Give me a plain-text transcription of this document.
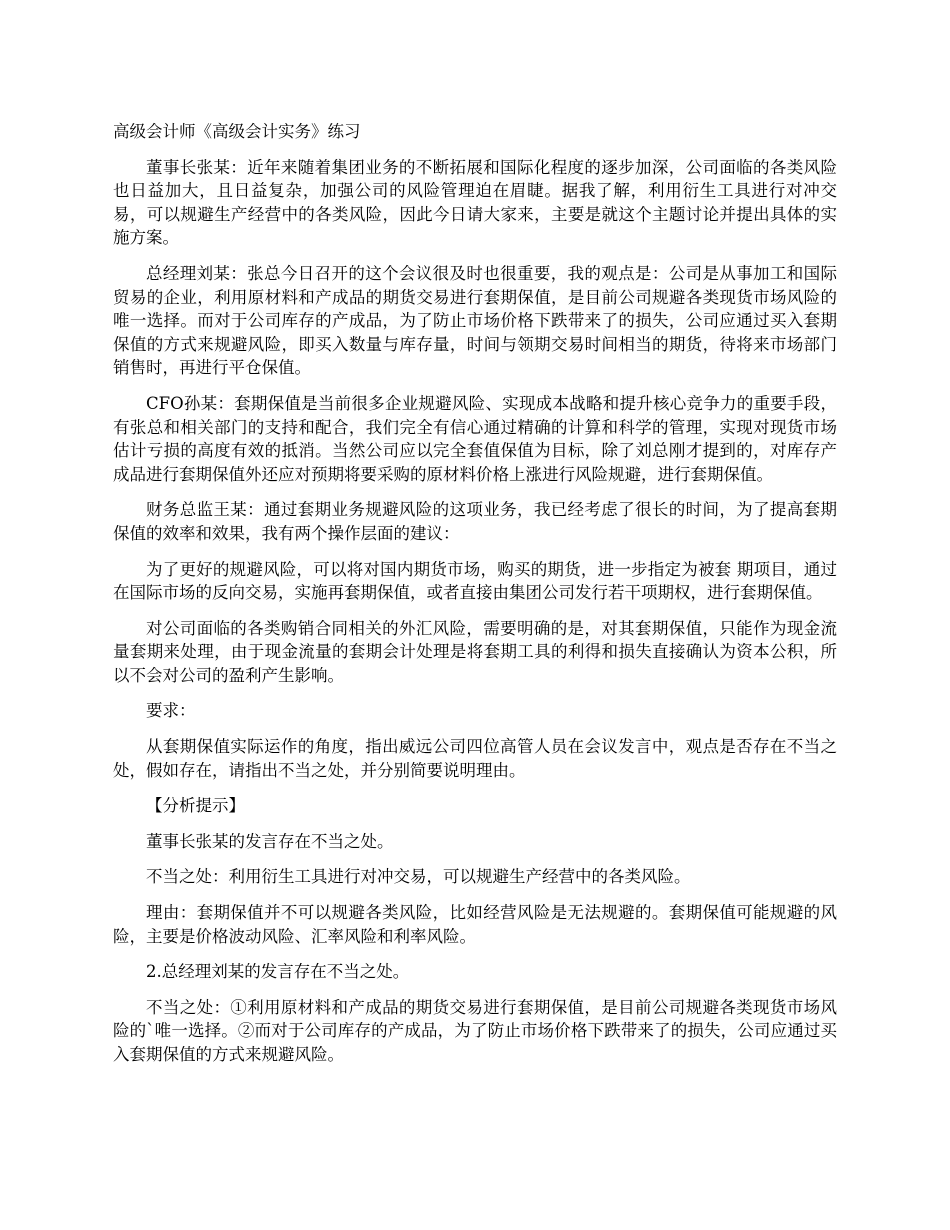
高级会计师《高级会计实务》练习

董事长张某：近年来随着集团业务的不断拓展和国际化程度的逐步加深，公司面临的各类风险也日益加大，且日益复杂，加强公司的风险管理迫在眉睫。据我了解，利用衍生工具进行对冲交易，可以规避生产经营中的各类风险，因此今日请大家来，主要是就这个主题讨论并提出具体的实施方案。

总经理刘某：张总今日召开的这个会议很及时也很重要，我的观点是：公司是从事加工和国际贸易的企业，利用原材料和产成品的期货交易进行套期保值，是目前公司规避各类现货市场风险的唯一选择。而对于公司库存的产成品，为了防止市场价格下跌带来了的损失，公司应通过买入套期保值的方式来规避风险，即买入数量与库存量，时间与领期交易时间相当的期货，待将来市场部门销售时，再进行平仓保值。

CFO孙某：套期保值是当前很多企业规避风险、实现成本战略和提升核心竞争力的重要手段，有张总和相关部门的支持和配合，我们完全有信心通过精确的计算和科学的管理，实现对现货市场估计亏损的高度有效的抵消。当然公司应以完全套值保值为目标，除了刘总刚才提到的，对库存产成品进行套期保值外还应对预期将要采购的原材料价格上涨进行风险规避，进行套期保值。

财务总监王某：通过套期业务规避风险的这项业务，我已经考虑了很长的时间，为了提高套期保值的效率和效果，我有两个操作层面的建议：

为了更好的规避风险，可以将对国内期货市场，购买的期货，进一步指定为被套 期项目，通过在国际市场的反向交易，实施再套期保值，或者直接由集团公司发行若干项期权，进行套期保值。

对公司面临的各类购销合同相关的外汇风险，需要明确的是，对其套期保值，只能作为现金流量套期来处理，由于现金流量的套期会计处理是将套期工具的利得和损失直接确认为资本公积，所以不会对公司的盈利产生影响。

要求：

从套期保值实际运作的角度，指出威远公司四位高管人员在会议发言中，观点是否存在不当之处，假如存在，请指出不当之处，并分别简要说明理由。

【分析提示】

董事长张某的发言存在不当之处。

不当之处：利用衍生工具进行对冲交易，可以规避生产经营中的各类风险。

理由：套期保值并不可以规避各类风险，比如经营风险是无法规避的。套期保值可能规避的风险，主要是价格波动风险、汇率风险和利率风险。

2.总经理刘某的发言存在不当之处。

不当之处：①利用原材料和产成品的期货交易进行套期保值，是目前公司规避各类现货市场风险的`唯一选择。②而对于公司库存的产成品，为了防止市场价格下跌带来了的损失，公司应通过买入套期保值的方式来规避风险。
